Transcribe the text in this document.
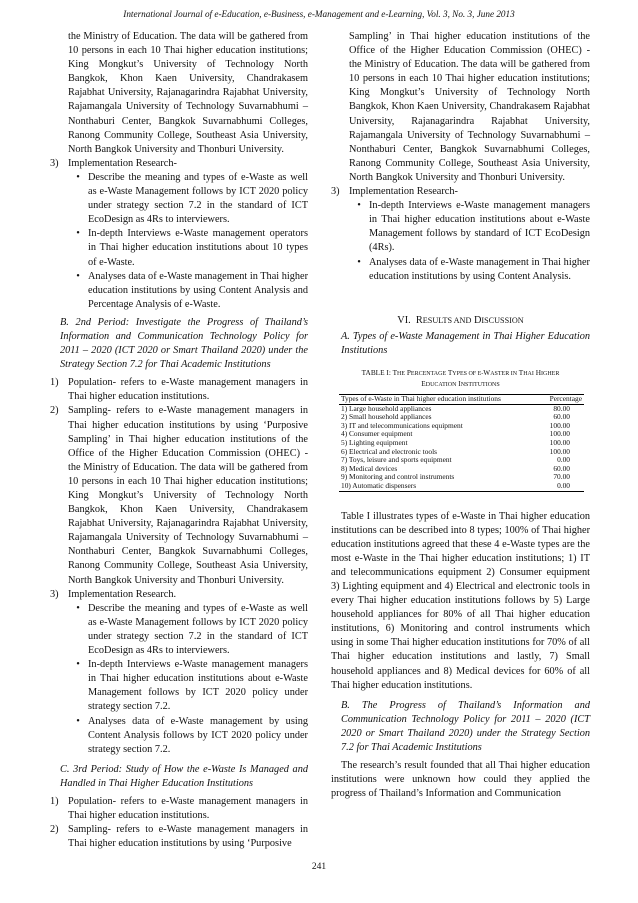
International Journal of e-Education, e-Business, e-Management and e-Learning, Vol. 3, No. 3, June 2013

the Ministry of Education. The data will be gathered from 10 persons in each 10 Thai higher education institutions; King Mongkut’s University of Technology North Bangkok, Khon Kaen University, Chandrakasem Rajabhat University, Rajanagarindra Rajabhat University, Rajamangala University of Technology Suvarnabhumi – Nonthaburi Center, Bangkok Suvarnabhumi Colleges, Ranong Community College, Southeast Asia University, North Bangkok University and Thonburi University.

3) Implementation Research-
• Describe the meaning and types of e-Waste as well as e-Waste Management follows by ICT 2020 policy under strategy section 7.2 in the standard of ICT EcoDesign as 4Rs to interviewers.
• In-depth Interviews e-Waste management operators in Thai higher education institutions about 10 types of e-Waste.
• Analyses data of e-Waste management in Thai higher education institutions by using Content Analysis and Percentage Analysis of e-Waste.

B. 2nd Period: Investigate the Progress of Thailand’s Information and Communication Technology Policy for 2011 – 2020 (ICT 2020 or Smart Thailand 2020) under the Strategy Section 7.2 for Thai Academic Institutions

1) Population- refers to e-Waste management managers in Thai higher education institutions.
2) Sampling- refers to e-Waste management managers in Thai higher education institutions by using ‘Purposive Sampling’ in Thai higher education institutions of the Office of the Higher Education Commission (OHEC) - the Ministry of Education. The data will be gathered from 10 persons in each 10 Thai higher education institutions; King Mongkut’s University of Technology North Bangkok, Khon Kaen University, Chandrakasem Rajabhat University, Rajanagarindra Rajabhat University, Rajamangala University of Technology Suvarnabhumi – Nonthaburi Center, Bangkok Suvarnabhumi Colleges, Ranong Community College, Southeast Asia University, North Bangkok University and Thonburi University.
3) Implementation Research.
• Describe the meaning and types of e-Waste as well as e-Waste Management follows by ICT 2020 policy under strategy section 7.2 in the standard of ICT EcoDesign as 4Rs to interviewers.
• In-depth Interviews e-Waste management managers in Thai higher education institutions about e-Waste Management follows by ICT 2020 policy under strategy section 7.2.
• Analyses data of e-Waste management by using Content Analysis follows by ICT 2020 policy under strategy section 7.2.

C. 3rd Period: Study of How the e-Waste Is Managed and Handled in Thai Higher Education Institutions

1) Population- refers to e-Waste management managers in Thai higher education institutions.
2) Sampling- refers to e-Waste management managers in Thai higher education institutions by using ‘Purposive

Sampling’ in Thai higher education institutions of the Office of the Higher Education Commission (OHEC) - the Ministry of Education. The data will be gathered from 10 persons in each 10 Thai higher education institutions; King Mongkut’s University of Technology North Bangkok, Khon Kaen University, Chandrakasem Rajabhat University, Rajanagarindra Rajabhat University, Rajamangala University of Technology Suvarnabhumi – Nonthaburi Center, Bangkok Suvarnabhumi Colleges, Ranong Community College, Southeast Asia University, North Bangkok University and Thonburi University.

3) Implementation Research-
• In-depth Interviews e-Waste management managers in Thai higher education institutions about e-Waste Management follows by standard of ICT EcoDesign (4Rs).
• Analyses data of e-Waste management in Thai higher education institutions by using Content Analysis.

VI. RESULTS AND DISCUSSION

A. Types of e-Waste Management in Thai Higher Education Institutions

TABLE I: THE PERCENTAGE TYPES OF E-WASTER IN THAI HIGHER
EDUCATION INSTITUTIONS
Types of e-Waste in Thai higher education institutions	Percentage
1) Large household appliances	80.00
2) Small household appliances	60.00
3) IT and telecommunications equipment	100.00
4) Consumer equipment	100.00
5) Lighting equipment	100.00
6) Electrical and electronic tools	100.00
7) Toys, leisure and sports equipment	0.00
8) Medical devices	60.00
9) Monitoring and control instruments	70.00
10) Automatic dispensers	0.00

Table I illustrates types of e-Waste in Thai higher education institutions can be described into 8 types; 100% of Thai higher education institutions agreed that these 4 e-Waste types are the most e-Waste in the Thai higher education institutions; 1) IT and telecommunications equipment 2) Consumer equipment 3) Lighting equipment and 4) Electrical and electronic tools in every Thai higher education institutions follows by 5) Large household appliances for 80% of all Thai higher education institutions, 6) Monitoring and control instruments which using in some Thai higher education institutions for 70% of all Thai higher education institutions and lastly, 7) Small household appliances and 8) Medical devices for 60% of all Thai higher education institutions.

B. The Progress of Thailand’s Information and Communication Technology Policy for 2011 – 2020 (ICT 2020 or Smart Thailand 2020) under the Strategy Section 7.2 for Thai Academic Institutions

The research’s result founded that all Thai higher education institutions were unknown how could they applied the progress of Thailand’s Information and Communication

241
